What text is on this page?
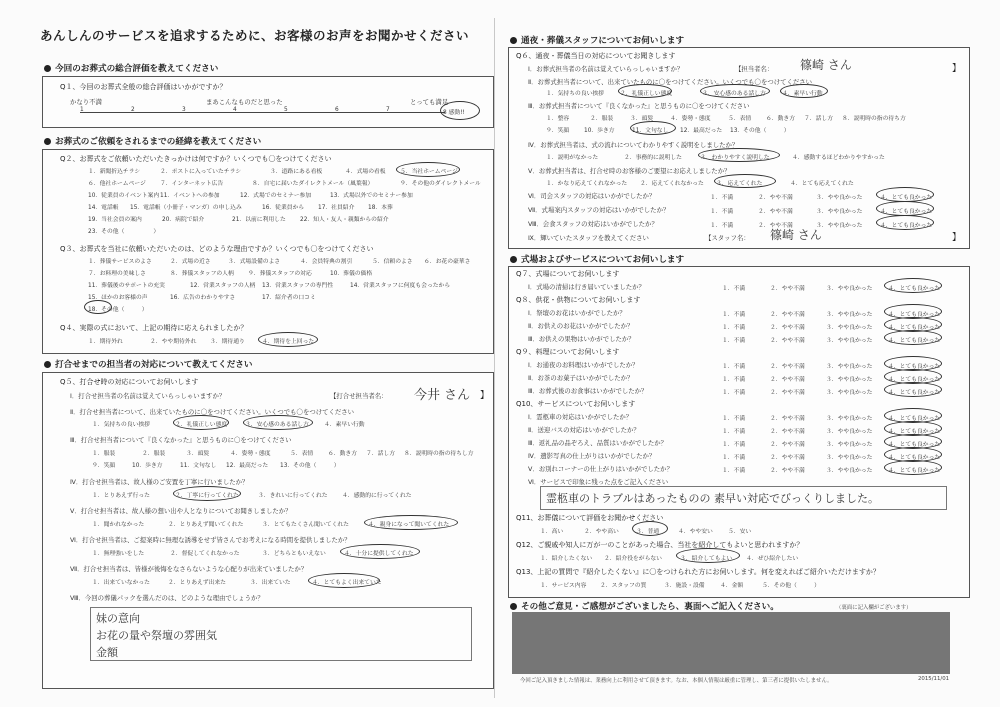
あんしんのサービスを追求するために、お客様のお声をお聞かせください
今回のお葬式の総合評価を教えてください
Q１、今回のお葬式全般の総合評価はいかがですか？
かなり不満	まあこんなものだと思った	とっても満足
1	2	3	4	5	6	7	8 感動!!
お葬式のご依頼をされるまでの経緯を教えてください
Q２、お葬式をご依頼いただいたきっかけは何ですか？いくつでも〇をつけてください
１．新聞折込チラシ	２．ポストに入っていたチラシ	３．道路にある看板	４．式場の看板 ５．当社ホームページ
６．他社ホームページ ７．インターネット広告	８．自宅に届いたダイレクトメール（風葉報）	９．その他のダイレクトメール
10．従業員のイベント案内 11．イベントへの参加	12．式場でのセミナー参加	13．式場以外でのセミナー参加
14．電話帳 15．電話帳（小冊子・マンガ）の申し込み	16．従業員から 17．社員紹介 18．本葬
19．当社会員の案内	20．病院で紹介	21．以前に利用した 22．知人・友人・親類からの紹介
23．その他（　　　　　）
Q３、お葬式を当社に依頼いただいたのは、どのような理由ですか？いくつでも〇をつけてください
１．葬儀サービスのよさ	２．式場の近さ	３．式場設備のよさ	４．会員特典の割引	５．信頼のよさ ６．お花の豪華さ
７．お料理の美味しさ	８．葬儀スタッフの人柄 ９．葬儀スタッフの対応	10．葬儀の価格
11．葬儀後のサポートの充実	12．営業スタッフの人柄 13．営業スタッフの専門性	14．営業スタッフに何度も会ったから
15．ほかのお客様の声	16．広告のわかりやすさ	17．紹介者の口コミ
18．その他（　　　）
Q４、実際の式において、上記の期待に応えられましたか？
１．期待外れ	２．やや期待外れ ３．期待通り	４．期待を上回った
打合せまでの担当者の対応について教えてください
Q５、打合せ時の対応についてお伺いします
Ⅰ．打合せ担当者の名前は覚えていらっしゃいますか？	【打合せ担当者名： 今井 さん 】
Ⅱ．打合せ担当者について、出来ていたものに〇をつけてください。いくつでも〇をつけてください
１．気持ちの良い挨拶	２．礼儀正しい態度	３．安心感のある話し方	４．素早い行動
Ⅲ．打合せ担当者について『良くなかった』と思うものに〇をつけてください
１．服装	２．服装	３．頭髪	４．姿勢・態度	５．表情	６．動き方 ７．話し方 ８．説明時の指の待ちし方
９．笑顔	10．歩き方	11．文句なし 12．最高だった 13．その他（　　　）
Ⅳ．打合せ担当者は、故人様のご安置を丁寧に行いましたか？
１．とりあえず行った	２．丁寧に行ってくれた	３．きれいに行ってくれた ４．感動的に行ってくれた
Ⅴ．打合せ担当者は、故人様の想い出や人となりについてお聞きしましたか？
１．聞かれなかった	２．とりあえず聞いてくれた	３．とてもたくさん聞いてくれた	４．親身になって聞いてくれた
Ⅵ．打合せ担当者は、ご提案時に無理な誘導をせず皆さんでお考えになる時間を提供しましたか？
１．無理強いをした	２．督促してくれなかった	３．どちらともいえない	４．十分に提供してくれた
Ⅶ．打合せ担当者は、皆様が後悔をなさらないような心配りが出来ていましたか？
１．出来ていなかった	２．とりあえず出来た	３．出来ていた	４．とてもよく出来ていた
Ⅷ．今回の葬儀パックを選んだのは、どのような理由でしょうか？
妹の意向
お花の量や祭壇の雰囲気
金額
通夜・葬儀スタッフについてお伺いします
Q６、通夜・葬儀当日の対応についてお聞きします
Ⅰ．お葬式担当者の名前は覚えていらっしゃいますか？	【担当者名： 篠崎 さん	】
Ⅱ．お葬式担当者について、出来ていたものに〇をつけてください。いくつでも〇をつけてください
１．気持ちの良い挨拶	２．礼儀正しい態度	３．安心感のある話し方	４．素早い行動
Ⅲ．お葬式担当者について『良くなかった』と思うものに〇をつけてください
１．整容	２．服装	３．頭髪	４．姿勢・態度	５．表情	６．動き方 ７．話し方 ８．説明時の指の待ち方
９．笑顔	10．歩き方	11．文句なし 12．最高だった 13．その他（　　　）
Ⅳ．お葬式担当者は、式の流れについてわかりやすく説明をしましたか？
１．説明がなかった	２．事務的に説明した	３．わかりやすく説明した	４．感動するほどわかりやすかった
Ⅴ．お葬式担当者は、打合せ時のお客様のご要望にお応えしましたか？
１．かなり応えてくれなかった ２．応えてくれなかった ３．応えてくれた	４．とても応えてくれた
Ⅵ．司会スタッフの対応はいかがでしたか？	１．不満	２．やや不満	３．やや良かった	４．とても良かった
Ⅶ．式場案内スタッフの対応はいかがでしたか？	１．不満	２．やや不満	３．やや良かった	４．とても良かった
Ⅷ．会食スタッフの対応はいかがでしたか？	１．不満	２．やや不満	３．やや良かった	４．とても良かった
Ⅸ．輝いていたスタッフを教えてください	【スタッフ名： 篠崎 さん	】
式場およびサービスについてお伺いします
Q７、式場についてお伺いします
Ⅰ．式場の清掃は行き届いていましたか？	１．不満	２．やや不満	３．やや良かった	４．とても良かった
Q８、供花・供物についてお伺いします
Ⅰ．祭壇のお花はいかがでしたか？	１．不満	２．やや不満	３．やや良かった	４．とても良かった
Ⅱ．お供えのお花はいかがでしたか？	１．不満	２．やや不満	３．やや良かった	４．とても良かった
Ⅲ．お供えの果物はいかがでしたか？	１．不満	２．やや不満	３．やや良かった	４．とても良かった
Q９、料理についてお伺いします
Ⅰ．お通夜のお料理はいかがでしたか？	１．不満	２．やや不満	３．やや良かった	４．とても良かった
Ⅱ．お茶のお菓子はいかがでしたか？	１．不満	２．やや不満	３．やや良かった	４．とても良かった
Ⅲ．お葬式後のお食事はいかがでしたか？	１．不満	２．やや不満	３．やや良かった	４．とても良かった
Q10、サービスについてお伺いします
Ⅰ．霊柩車の対応はいかがでしたか？	１．不満	２．やや不満	３．やや良かった	４．とても良かった
Ⅱ．送迎バスの対応はいかがでしたか？	１．不満	２．やや不満	３．やや良かった	４．とても良かった
Ⅲ．返礼品の品ぞろえ、品質はいかがでしたか？	１．不満	２．やや不満	３．やや良かった	４．とても良かった
Ⅳ．遺影写真の仕上がりはいかがでしたか？	１．不満	２．やや不満	３．やや良かった	４．とても良かった
Ⅴ．お別れコーナーの仕上がりはいかがでしたか？	１．不満	２．やや不満	３．やや良かった	４．とても良かった
Ⅵ．サービスで印象に残った点をご記入ください
霊柩車のトラブルはあったものの 素早い対応でびっくりしました。
Q11、お葬儀について評価をお聞かせください
１．高い	２．やや高い	３．普通	４．やや安い	５．安い
Q12、ご親戚や知人に万が一のことがあった場合、当社を紹介してもよいと思われますか？
１．紹介したくない ２．紹介役をがらない	３．紹介してもよい ４．ぜひ紹介したい
Q13、上記の質問で『紹介したくない』に〇をつけられた方にお伺いします。何を変えればご紹介いただけますか？
１．サービス内容 ２．スタッフの質	３．施設・設備	４．金額	５．その他（　　　）
その他ご意見・ご感想がございましたら、裏面へご記入ください。	（裏面に記入欄がございます）
今回ご記入頂きました情報は、業務向上に利用させて頂きます。なお、本個人情報は厳重に管理し、第三者に提供いたしません。	2015/11/01
